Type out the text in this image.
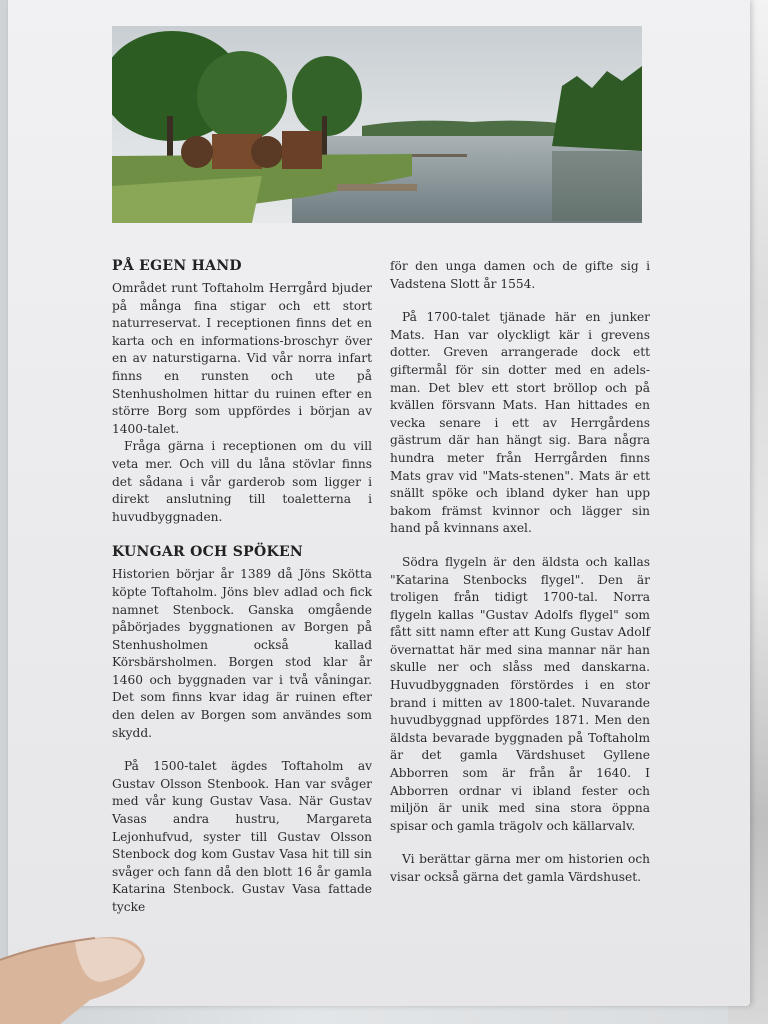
PÅ EGEN HAND

Området runt Toftaholm Herrgård bjuder på många fina stigar och ett stort naturreservat. I receptionen finns det en karta och en informations-broschyr över en av naturstigarna. Vid vår norra infart finns en runsten och ute på Stenhusholmen hittar du ruinen efter en större Borg som uppfördes i början av 1400-talet.

Fråga gärna i receptionen om du vill veta mer. Och vill du låna stövlar finns det sådana i vår garderob som ligger i direkt anslutning till toaletterna i huvudbyggnaden.

KUNGAR OCH SPÖKEN

Historien börjar år 1389 då Jöns Skötta köpte Toftaholm. Jöns blev adlad och fick namnet Stenbock. Ganska omgående påbörjades byggnationen av Borgen på Stenhusholmen också kallad Körsbärsholmen. Borgen stod klar år 1460 och byggnaden var i två våningar. Det som finns kvar idag är ruinen efter den delen av Borgen som användes som skydd.

På 1500-talet ägdes Toftaholm av Gustav Olsson Stenbook. Han var svåger med vår kung Gustav Vasa. När Gustav Vasas andra hustru, Margareta Lejonhufvud, syster till Gustav Olsson Stenbock dog kom Gustav Vasa hit till sin svåger och fann då den blott 16 år gamla Katarina Stenbock. Gustav Vasa fattade tycke

för den unga damen och de gifte sig i Vadstena Slott år 1554.

På 1700-talet tjänade här en junker Mats. Han var olyckligt kär i grevens dotter. Greven arrangerade dock ett giftermål för sin dotter med en adels-man. Det blev ett stort bröllop och på kvällen försvann Mats. Han hittades en vecka senare i ett av Herrgårdens gästrum där han hängt sig. Bara några hundra meter från Herrgården finns Mats grav vid "Mats-stenen". Mats är ett snällt spöke och ibland dyker han upp bakom främst kvinnor och lägger sin hand på kvinnans axel.

Södra flygeln är den äldsta och kallas "Katarina Stenbocks flygel". Den är troligen från tidigt 1700-tal. Norra flygeln kallas "Gustav Adolfs flygel" som fått sitt namn efter att Kung Gustav Adolf övernattat här med sina mannar när han skulle ner och slåss med danskarna. Huvudbyggnaden förstördes i en stor brand i mitten av 1800-talet. Nuvarande huvudbyggnad uppfördes 1871. Men den äldsta bevarade byggnaden på Toftaholm är det gamla Värdshuset Gyllene Abborren som är från år 1640. I Abborren ordnar vi ibland fester och miljön är unik med sina stora öppna spisar och gamla trägolv och källarvalv.

Vi berättar gärna mer om historien och visar också gärna det gamla Värdshuset.
